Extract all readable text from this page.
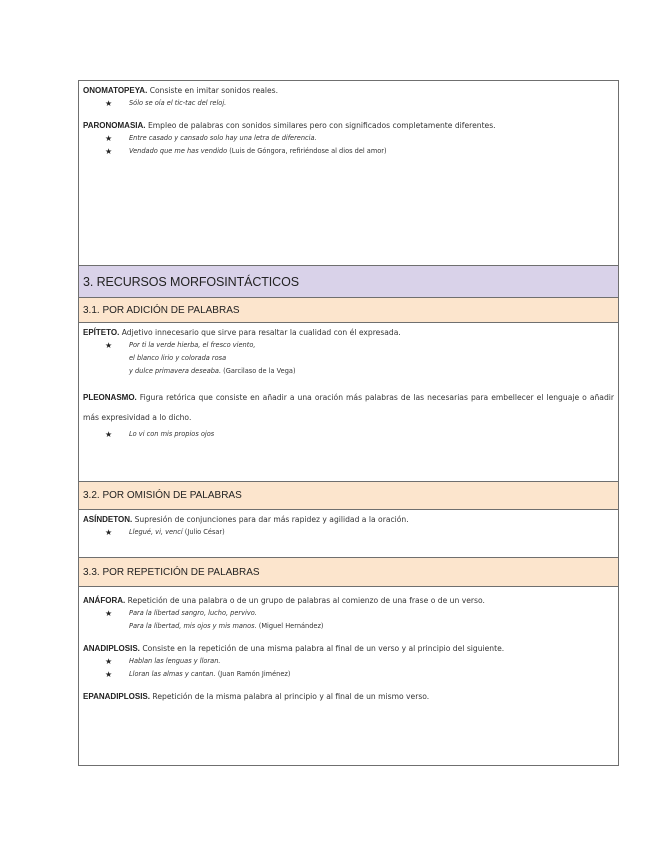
ONOMATOPEYA. Consiste en imitar sonidos reales.

★	Sólo se oía el tic-tac del reloj.

PARONOMASIA. Empleo de palabras con sonidos similares pero con significados completamente diferentes.

★	Entre casado y cansado solo hay una letra de diferencia.

★	Vendado que me has vendido (Luis de Góngora, refiriéndose al dios del amor)

3. RECURSOS MORFOSINTÁCTICOS
3.1. POR ADICIÓN DE PALABRAS

EPÍTETO. Adjetivo innecesario que sirve para resaltar la cualidad con él expresada.

★	Por ti la verde hierba, el fresco viento,
el blanco lirio y colorada rosa
y dulce primavera deseaba. (Garcilaso de la Vega)

PLEONASMO. Figura retórica que consiste en añadir a una oración más palabras de las necesarias para embellecer el lenguaje o añadir más expresividad a lo dicho.

★	Lo vi con mis propios ojos

3.2. POR OMISIÓN DE PALABRAS

ASÍNDETON. Supresión de conjunciones para dar más rapidez y agilidad a la oración.

★	Llegué, vi, vencí (Julio César)

3.3. POR REPETICIÓN DE PALABRAS

ANÁFORA. Repetición de una palabra o de un grupo de palabras al comienzo de una frase o de un verso.

★	Para la libertad sangro, lucho, pervivo.
Para la libertad, mis ojos y mis manos. (Miguel Hernández)

ANADIPLOSIS. Consiste en la repetición de una misma palabra al final de un verso y al principio del siguiente.

★	Hablan las lenguas y lloran.

★	Lloran las almas y cantan. (Juan Ramón Jiménez)

EPANADIPLOSIS. Repetición de la misma palabra al principio y al final de un mismo verso.
